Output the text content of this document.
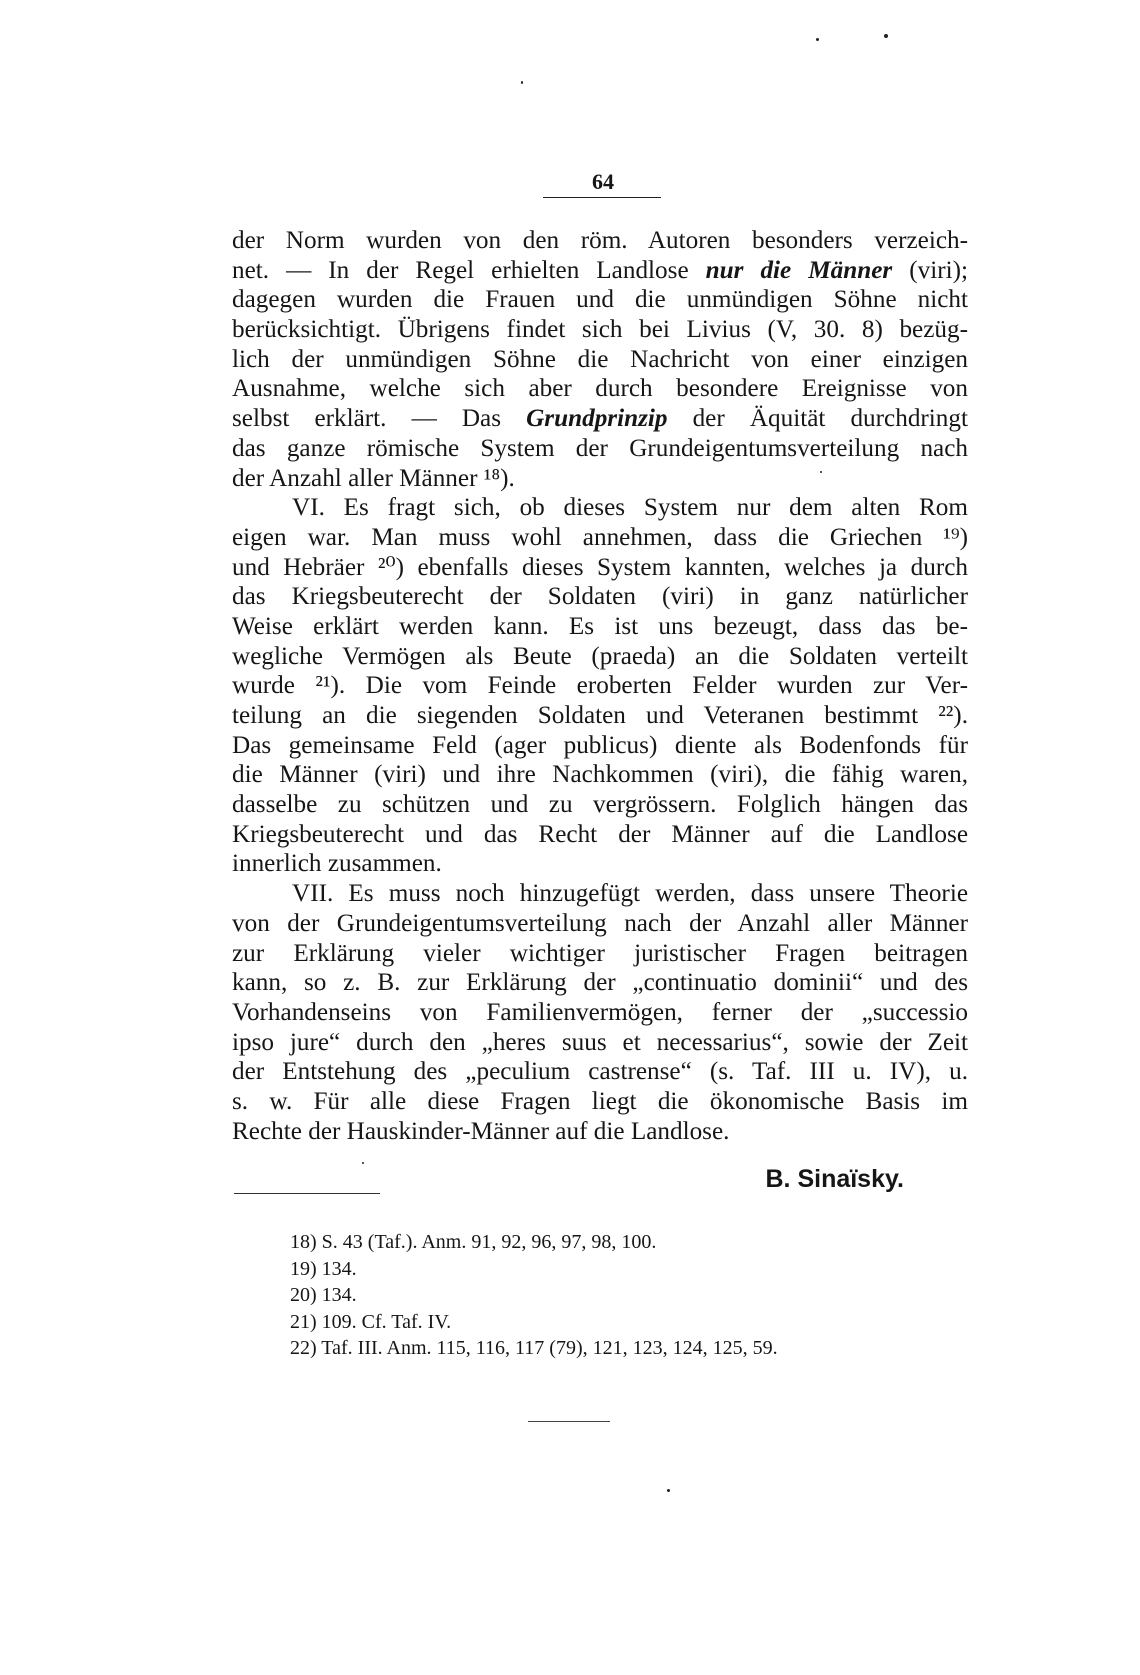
64
der Norm wurden von den röm. Autoren besonders verzeich-
net. — In der Regel erhielten Landlose nur die Männer (viri);
dagegen wurden die Frauen und die unmündigen Söhne nicht
berücksichtigt. Übrigens findet sich bei Livius (V, 30. 8) bezüg-
lich der unmündigen Söhne die Nachricht von einer einzigen
Ausnahme, welche sich aber durch besondere Ereignisse von
selbst erklärt. — Das Grundprinzip der Äquität durchdringt
das ganze römische System der Grundeigentumsverteilung nach
der Anzahl aller Männer ¹⁸).
VI. Es fragt sich, ob dieses System nur dem alten Rom
eigen war. Man muss wohl annehmen, dass die Griechen ¹⁹)
und Hebräer ²⁰) ebenfalls dieses System kannten, welches ja durch
das Kriegsbeuterecht der Soldaten (viri) in ganz natürlicher
Weise erklärt werden kann. Es ist uns bezeugt, dass das be-
wegliche Vermögen als Beute (praeda) an die Soldaten verteilt
wurde ²¹). Die vom Feinde eroberten Felder wurden zur Ver-
teilung an die siegenden Soldaten und Veteranen bestimmt ²²).
Das gemeinsame Feld (ager publicus) diente als Bodenfonds für
die Männer (viri) und ihre Nachkommen (viri), die fähig waren,
dasselbe zu schützen und zu vergrössern. Folglich hängen das
Kriegsbeuterecht und das Recht der Männer auf die Landlose
innerlich zusammen.
VII. Es muss noch hinzugefügt werden, dass unsere Theorie
von der Grundeigentumsverteilung nach der Anzahl aller Männer
zur Erklärung vieler wichtiger juristischer Fragen beitragen
kann, so z. B. zur Erklärung der „continuatio dominii“ und des
Vorhandenseins von Familienvermögen, ferner der „successio
ipso jure“ durch den „heres suus et necessarius“, sowie der Zeit
der Entstehung des „peculium castrense“ (s. Taf. III u. IV), u.
s. w. Für alle diese Fragen liegt die ökonomische Basis im
Rechte der Hauskinder-Männer auf die Landlose.
B. Sinaïsky.
18) S. 43 (Taf.). Anm. 91, 92, 96, 97, 98, 100.
19) 134.
20) 134.
21) 109. Cf. Taf. IV.
22) Taf. III. Anm. 115, 116, 117 (79), 121, 123, 124, 125, 59.
